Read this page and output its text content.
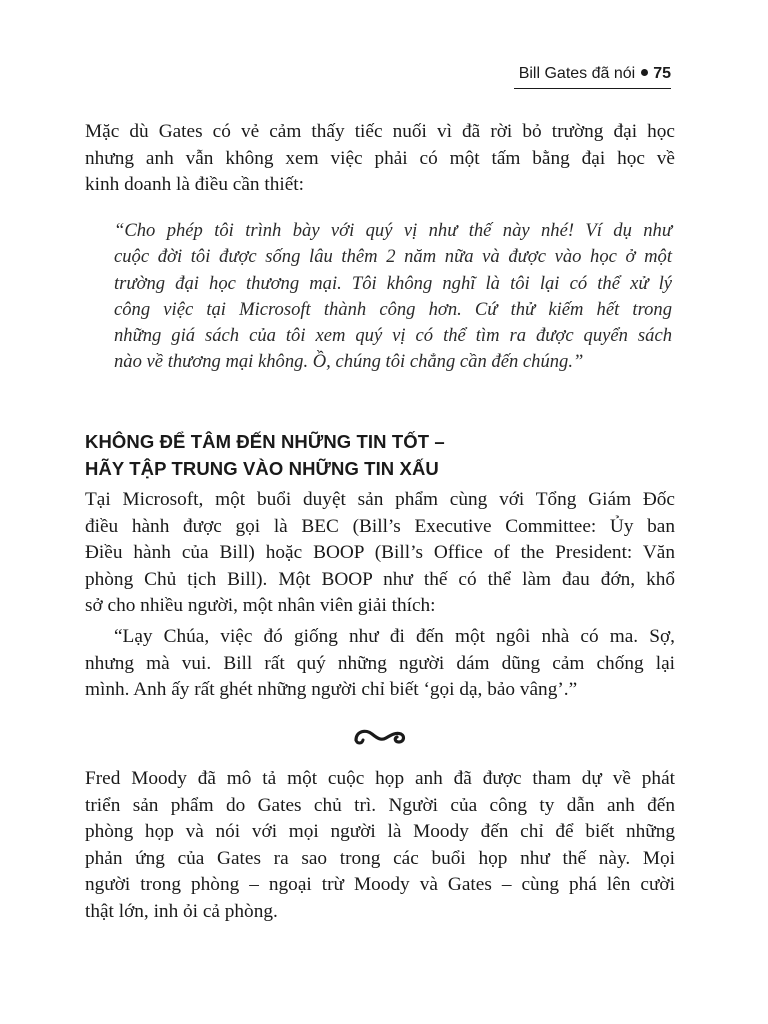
Bill Gates đã nói 75

Mặc dù Gates có vẻ cảm thấy tiếc nuối vì đã rời bỏ trường đại học
nhưng anh vẫn không xem việc phải có một tấm bằng đại học về
kinh doanh là điều cần thiết:

“Cho phép tôi trình bày với quý vị như thế này nhé! Ví dụ như
cuộc đời tôi được sống lâu thêm 2 năm nữa và được vào học ở một
trường đại học thương mại. Tôi không nghĩ là tôi lại có thể xử lý
công việc tại Microsoft thành công hơn. Cứ thử kiếm hết trong
những giá sách của tôi xem quý vị có thể tìm ra được quyển sách
nào về thương mại không. Ồ, chúng tôi chẳng cần đến chúng.”

KHÔNG ĐỂ TÂM ĐẾN NHỮNG TIN TỐT –
HÃY TẬP TRUNG VÀO NHỮNG TIN XẤU

Tại Microsoft, một buổi duyệt sản phẩm cùng với Tổng Giám Đốc
điều hành được gọi là BEC (Bill’s Executive Committee: Ủy ban
Điều hành của Bill) hoặc BOOP (Bill’s Office of the President: Văn
phòng Chủ tịch Bill). Một BOOP như thế có thể làm đau đớn, khổ
sở cho nhiều người, một nhân viên giải thích:

“Lạy Chúa, việc đó giống như đi đến một ngôi nhà có ma. Sợ,
nhưng mà vui. Bill rất quý những người dám dũng cảm chống lại
mình. Anh ấy rất ghét những người chỉ biết ‘gọi dạ, bảo vâng’.”

Fred Moody đã mô tả một cuộc họp anh đã được tham dự về phát
triển sản phẩm do Gates chủ trì. Người của công ty dẫn anh đến
phòng họp và nói với mọi người là Moody đến chỉ để biết những
phản ứng của Gates ra sao trong các buổi họp như thế này. Mọi
người trong phòng – ngoại trừ Moody và Gates – cùng phá lên cười
thật lớn, inh ỏi cả phòng.
